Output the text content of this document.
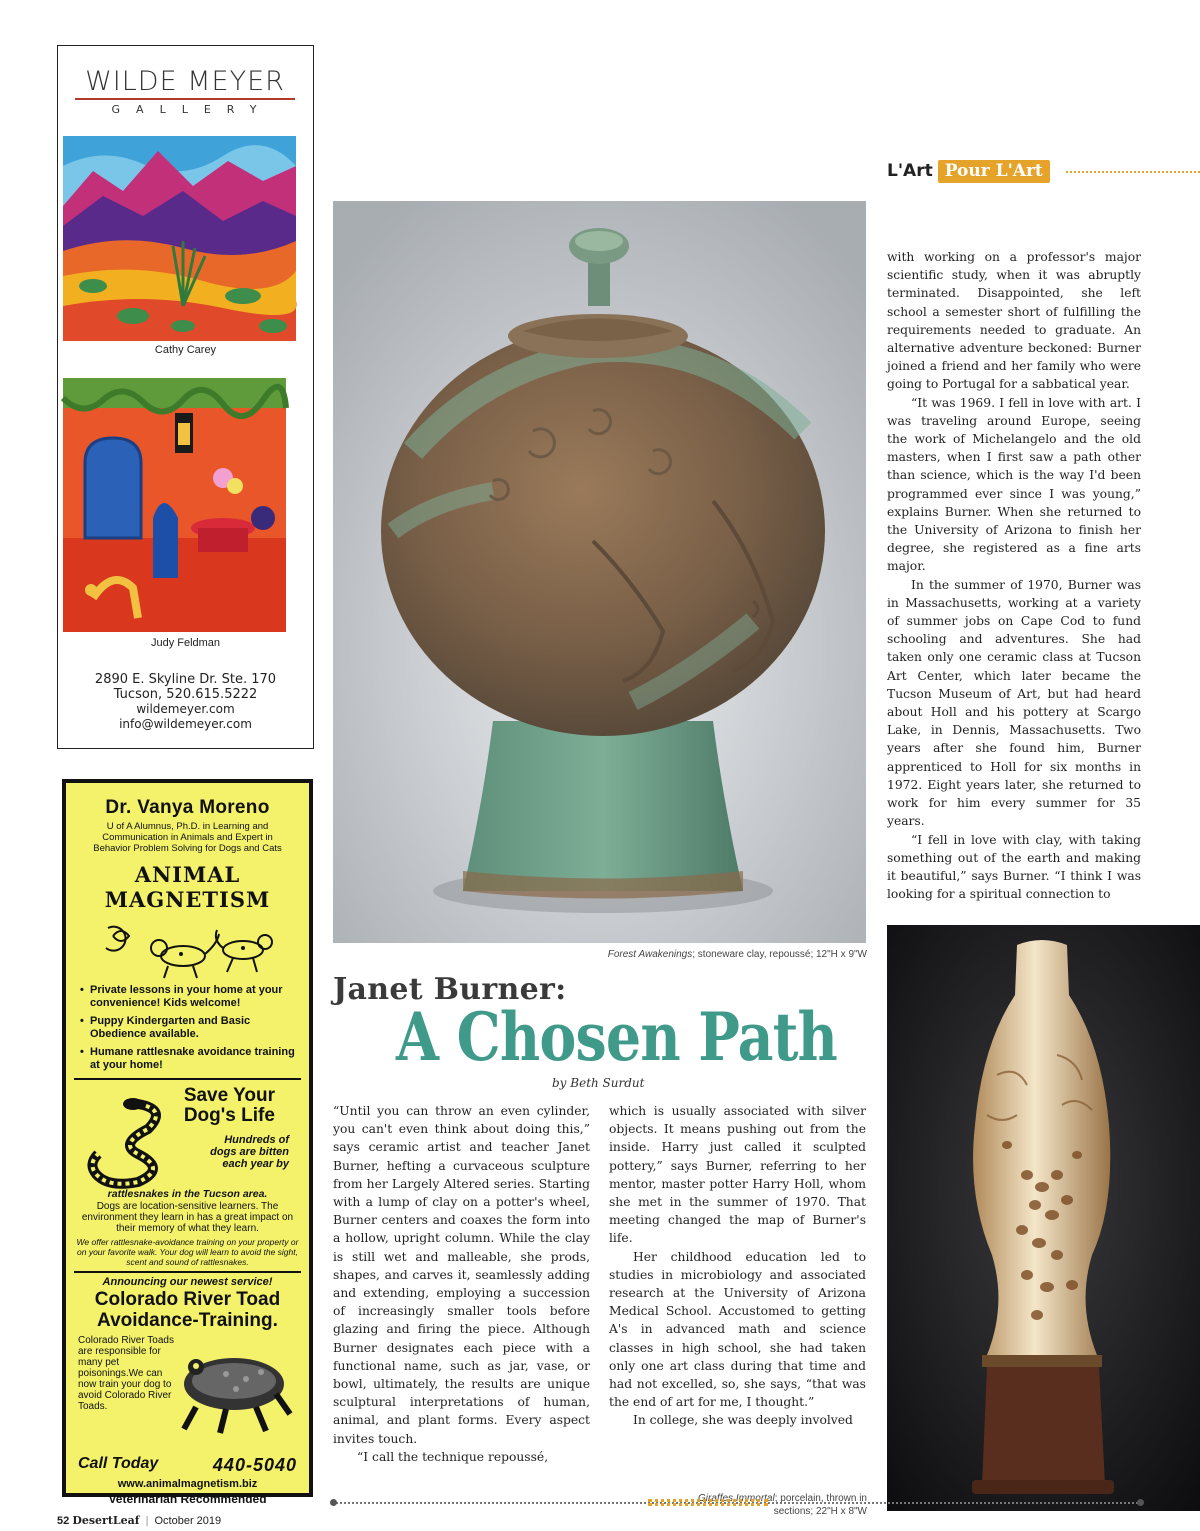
WILDE MEYER
GALLERY
Cathy Carey
Judy Feldman
2890 E. Skyline Dr. Ste. 170
Tucson, 520.615.5222
wildemeyer.com
info@wildemeyer.com
Dr. Vanya Moreno
U of A Alumnus, Ph.D. in Learning and Communication in Animals and Expert in Behavior Problem Solving for Dogs and Cats
ANIMAL MAGNETISM
• Private lessons in your home at your convenience! Kids welcome!
• Puppy Kindergarten and Basic Obedience available.
• Humane rattlesnake avoidance training at your home!
Save Your
Dog's Life
Hundreds of dogs are bitten each year by
rattlesnakes in the Tucson area.
Dogs are location-sensitive learners. The environment they learn in has a great impact on their memory of what they learn.
We offer rattlesnake-avoidance training on your property or on your favorite walk. Your dog will learn to avoid the sight, scent and sound of rattlesnakes.
Announcing our newest service!
Colorado River Toad Avoidance-Training.
Colorado River Toads are responsible for many pet poisonings.We can now train your dog to avoid Colorado River Toads.
Call Today	440-5040
www.animalmagnetism.biz
Veterinarian Recommended
L'Art Pour L'Art
Forest Awakenings; stoneware clay, repoussé; 12"H x 9"W
Janet Burner:
A Chosen Path
by Beth Surdut

“Until you can throw an even cylinder, you can't even think about doing this,” says ceramic artist and teacher Janet Burner, hefting a curvaceous sculpture from her Largely Altered series. Starting with a lump of clay on a potter's wheel, Burner centers and coaxes the form into a hollow, upright column. While the clay is still wet and malleable, she prods, shapes, and carves it, seamlessly adding and extending, employing a succession of increasingly smaller tools before glazing and firing the piece. Although Burner designates each piece with a functional name, such as jar, vase, or bowl, ultimately, the results are unique sculptural interpretations of human, animal, and plant forms. Every aspect invites touch.

“I call the technique repoussé,

which is usually associated with silver objects. It means pushing out from the inside. Harry just called it sculpted pottery,” says Burner, referring to her mentor, master potter Harry Holl, whom she met in the summer of 1970. That meeting changed the map of Burner's life.

Her childhood education led to studies in microbiology and associated research at the University of Arizona Medical School. Accustomed to getting A's in advanced math and science classes in high school, she had taken only one art class during that time and had not excelled, so, she says, “that was the end of art for me, I thought.”

In college, she was deeply involved

with working on a professor's major scientific study, when it was abruptly terminated. Disappointed, she left school a semester short of fulfilling the requirements needed to graduate. An alternative adventure beckoned: Burner joined a friend and her family who were going to Portugal for a sabbatical year.

“It was 1969. I fell in love with art. I was traveling around Europe, seeing the work of Michelangelo and the old masters, when I first saw a path other than science, which is the way I'd been programmed ever since I was young,” explains Burner. When she returned to the University of Arizona to finish her degree, she registered as a fine arts major.

In the summer of 1970, Burner was in Massachusetts, working at a variety of summer jobs on Cape Cod to fund schooling and adventures. She had taken only one ceramic class at Tucson Art Center, which later became the Tucson Museum of Art, but had heard about Holl and his pottery at Scargo Lake, in Dennis, Massachusetts. Two years after she found him, Burner apprenticed to Holl for six months in 1972. Eight years later, she returned to work for him every summer for 35 years.

“I fell in love with clay, with taking something out of the earth and making it beautiful,” says Burner. “I think I was looking for a spiritual connection to

Giraffes Immortal; porcelain, thrown in sections; 22"H x 8"W
52 DesertLeaf | October 2019
